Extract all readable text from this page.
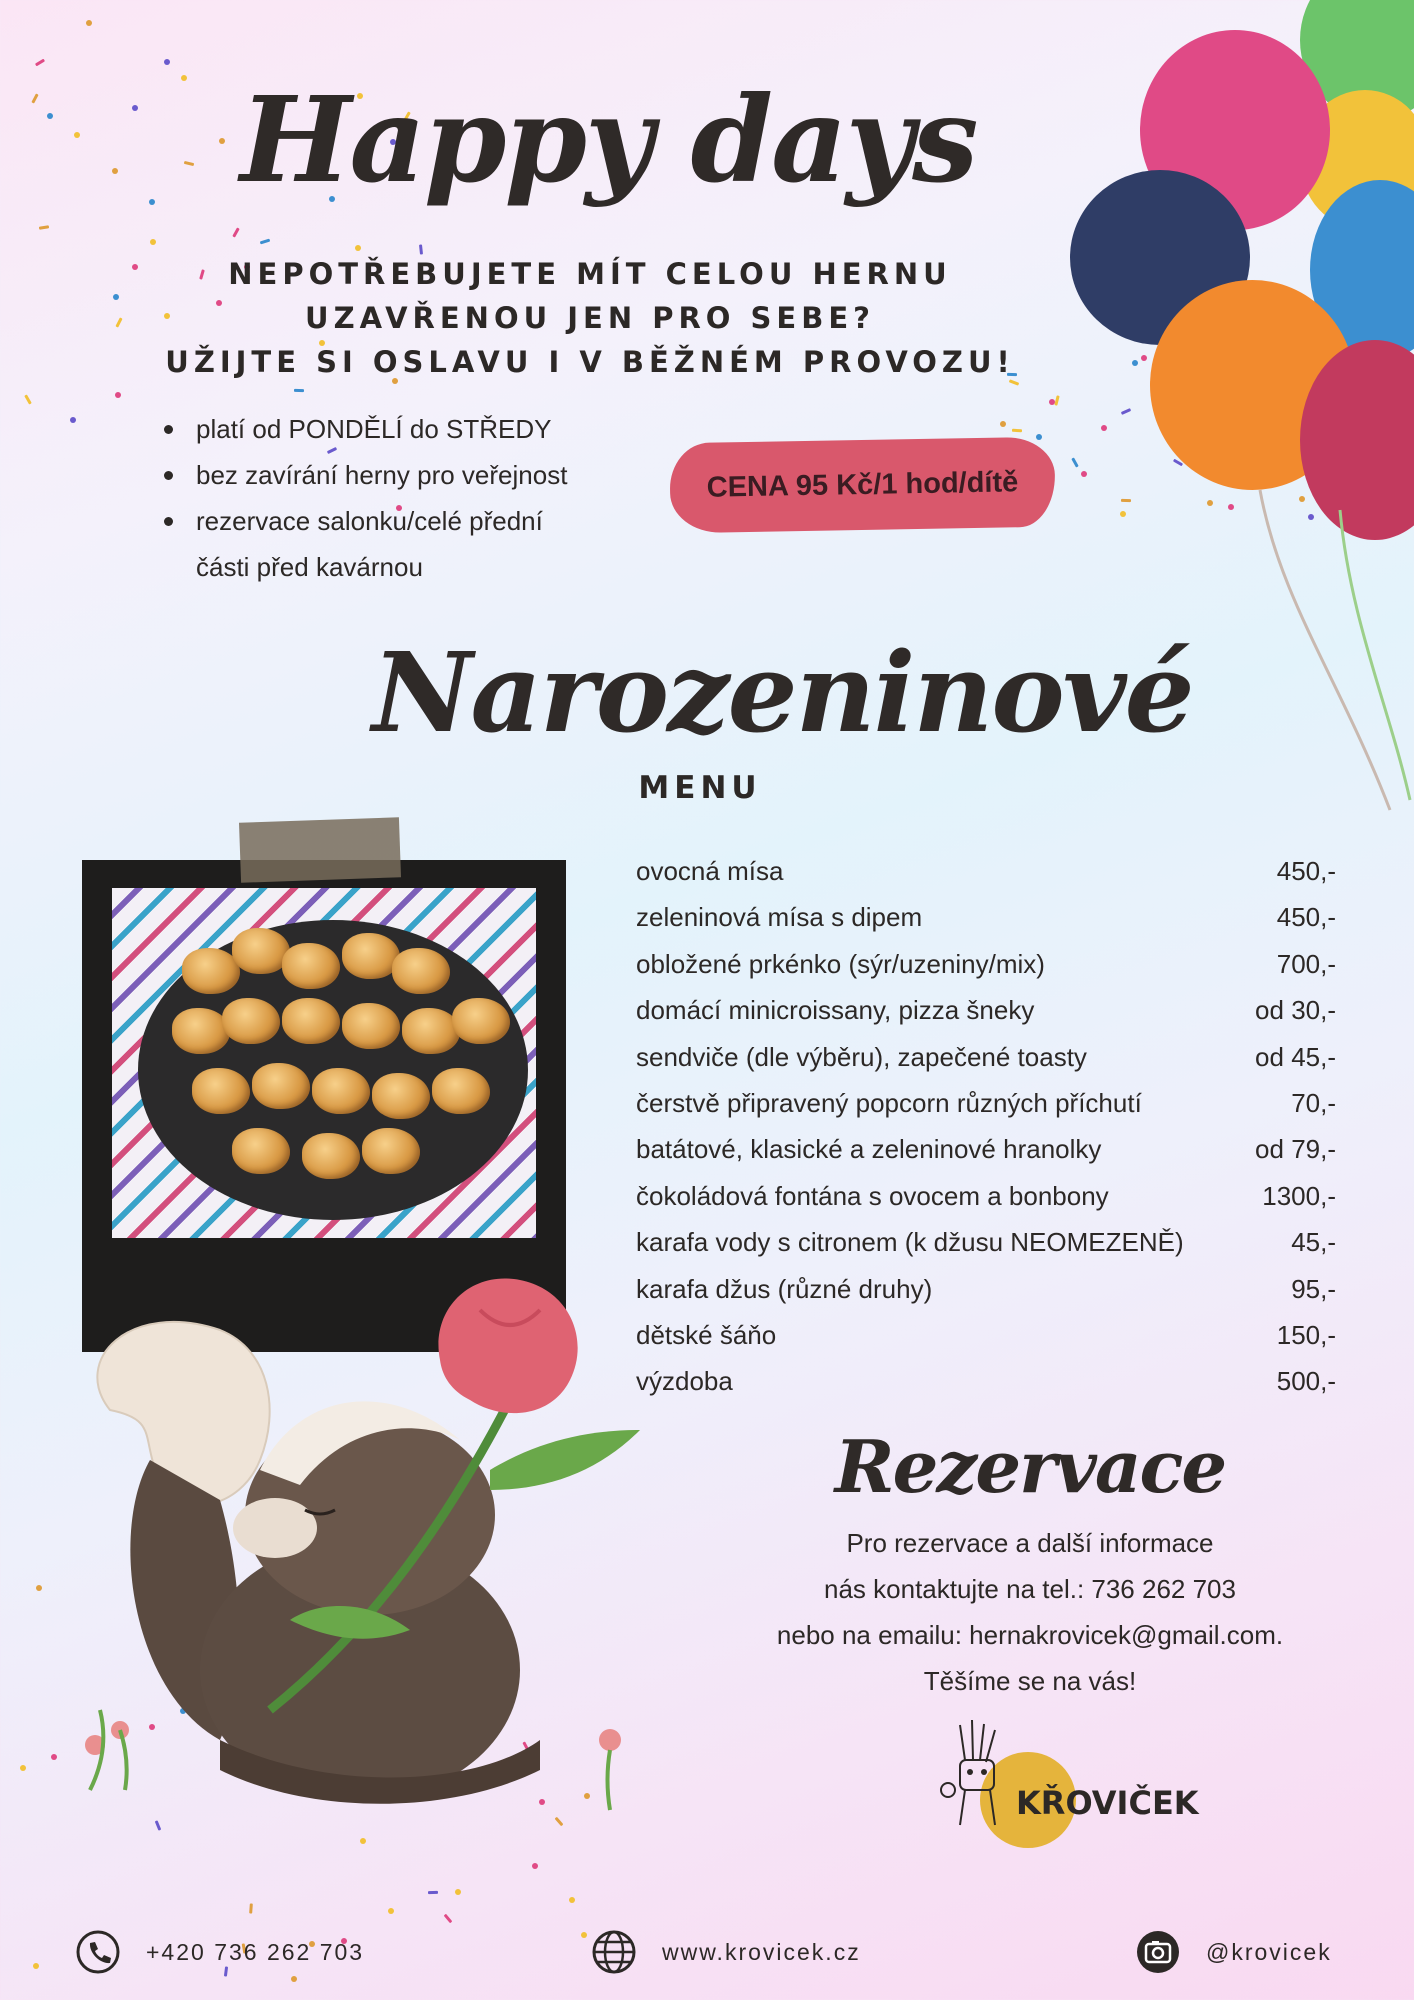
Happy days
NEPOTŘEBUJETE MÍT CELOU HERNU
UZAVŘENOU JEN PRO SEBE?
UŽIJTE SI OSLAVU I V BĚŽNÉM PROVOZU!
platí od PONDĚLÍ do STŘEDY
bez zavírání herny pro veřejnost
rezervace salonku/celé přední části před kavárnou
CENA 95 Kč/1 hod/dítě
Narozeninové
MENU
ovocná mísa	450,-
zeleninová mísa s dipem	450,-
obložené prkénko (sýr/uzeniny/mix)	700,-
domácí minicroissany, pizza šneky	od 30,-
sendviče (dle výběru), zapečené toasty	od 45,-
čerstvě připravený popcorn různých příchutí	70,-
batátové, klasické a zeleninové hranolky	od 79,-
čokoládová fontána s ovocem a bonbony	1300,-
karafa vody s citronem (k džusu NEOMEZENĚ)	45,-
karafa džus (různé druhy)	95,-
dětské šáňo	150,-
výzdoba	500,-
Rezervace
Pro rezervace a další informace
nás kontaktujte na tel.: 736 262 703
nebo na emailu: hernakrovicek@gmail.com.
Těšíme se na vás!
KŘOVIČEK
+420 736 262 703	www.krovicek.cz	@krovicek
